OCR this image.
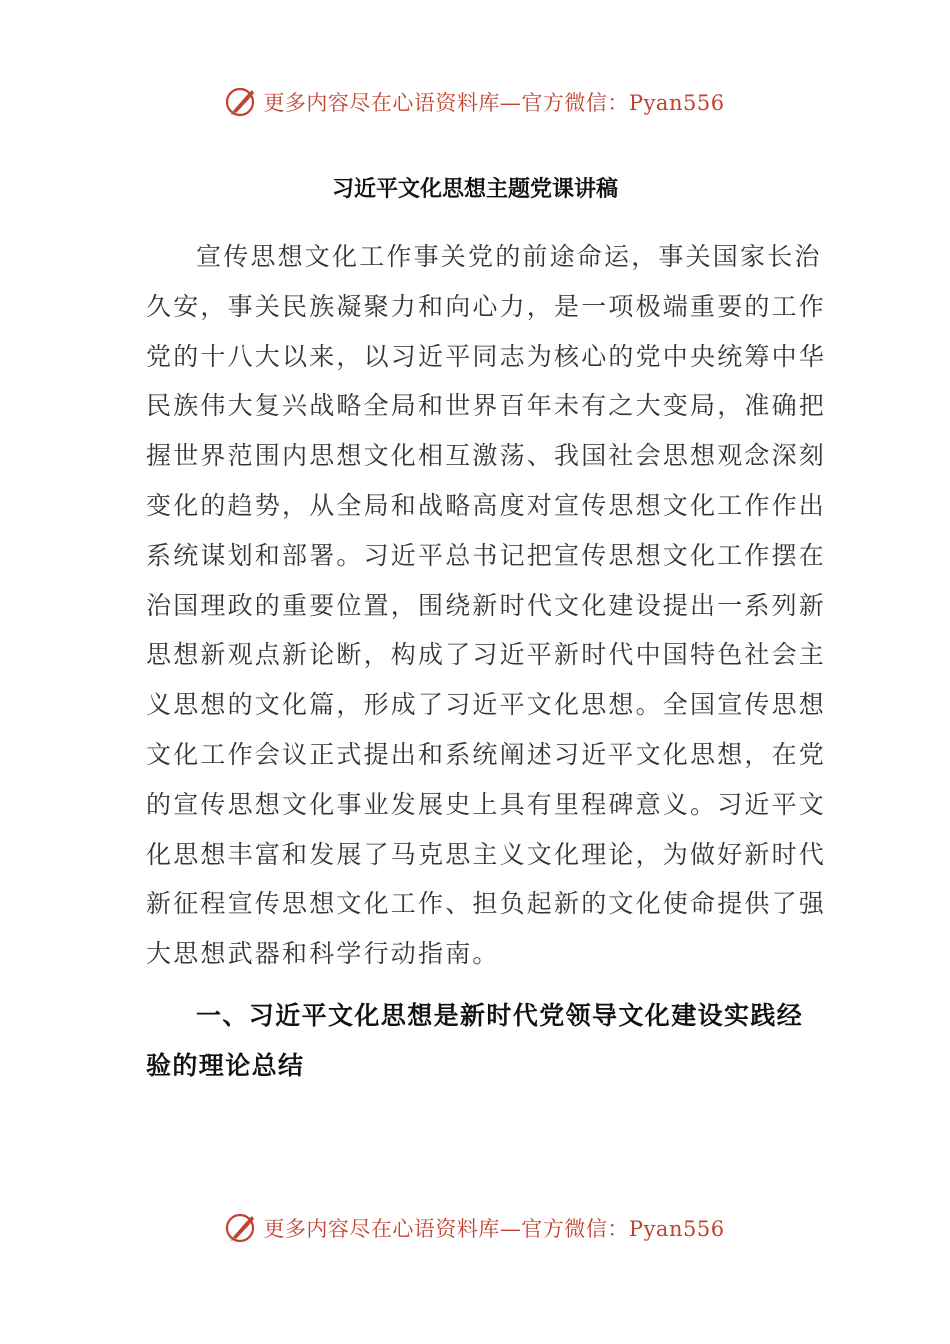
更多内容尽在心语资料库—官方微信：Pyan556
习近平文化思想主题党课讲稿
宣传思想文化工作事关党的前途命运，事关国家长治
久安，事关民族凝聚力和向心力，是一项极端重要的工作
党的十八大以来，以习近平同志为核心的党中央统筹中华
民族伟大复兴战略全局和世界百年未有之大变局，准确把
握世界范围内思想文化相互激荡、我国社会思想观念深刻
变化的趋势，从全局和战略高度对宣传思想文化工作作出
系统谋划和部署。习近平总书记把宣传思想文化工作摆在
治国理政的重要位置，围绕新时代文化建设提出一系列新
思想新观点新论断，构成了习近平新时代中国特色社会主
义思想的文化篇，形成了习近平文化思想。全国宣传思想
文化工作会议正式提出和系统阐述习近平文化思想，在党
的宣传思想文化事业发展史上具有里程碑意义。习近平文
化思想丰富和发展了马克思主义文化理论，为做好新时代
新征程宣传思想文化工作、担负起新的文化使命提供了强
大思想武器和科学行动指南。
一、习近平文化思想是新时代党领导文化建设实践经
验的理论总结
更多内容尽在心语资料库—官方微信：Pyan556
